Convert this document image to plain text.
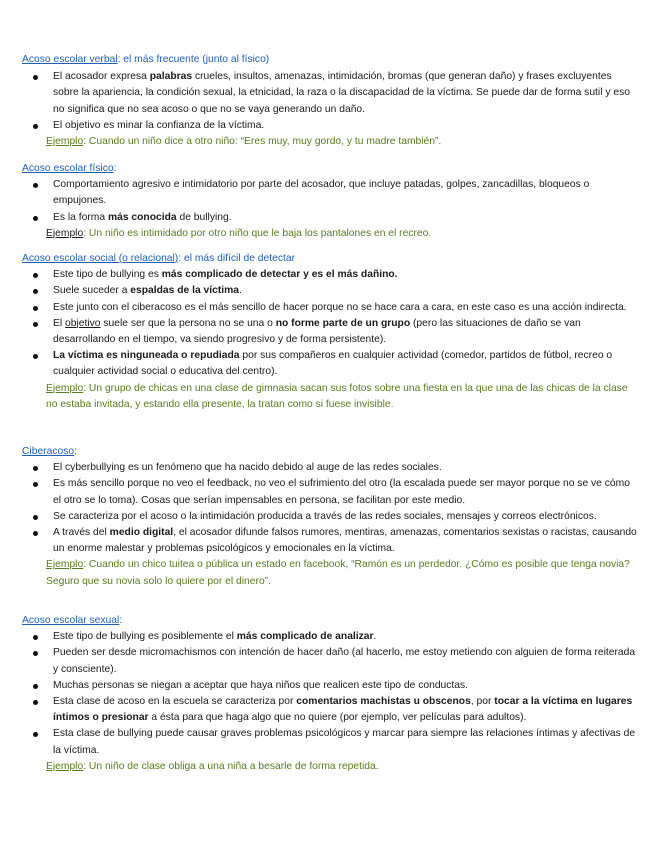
Acoso escolar verbal: el más frecuente (junto al físico)

El acosador expresa palabras crueles, insultos, amenazas, intimidación, bromas (que generan daño) y frases excluyentes sobre la apariencia, la condición sexual, la etnicidad, la raza o la discapacidad de la víctima. Se puede dar de forma sutil y eso no significa que no sea acoso o que no se vaya generando un daño.
El objetivo es minar la confianza de la víctima.

Ejemplo: Cuando un niño dice a otro niño: “Eres muy, muy gordo, y tu madre también”.

Acoso escolar físico:

Comportamiento agresivo e intimidatorio por parte del acosador, que incluye patadas, golpes, zancadillas, bloqueos o empujones.
Es la forma más conocida de bullying.

Ejemplo: Un niño es intimidado por otro niño que le baja los pantalones en el recreo.

Acoso escolar social (o relacional): el más difícil de detectar

Este tipo de bullying es más complicado de detectar y es el más dañino.
Suele suceder a espaldas de la víctima.
Este junto con el ciberacoso es el más sencillo de hacer porque no se hace cara a cara, en este caso es una acción indirecta.
El objetivo suele ser que la persona no se una o no forme parte de un grupo (pero las situaciones de daño se van desarrollando en el tiempo, va siendo progresivo y de forma persistente).
La víctima es ninguneada o repudiada por sus compañeros en cualquier actividad (comedor, partidos de fútbol, recreo o cualquier actividad social o educativa del centro).

Ejemplo: Un grupo de chicas en una clase de gimnasia sacan sus fotos sobre una fiesta en la que una de las chicas de la clase no estaba invitada, y estando ella presente, la tratan como si fuese invisible.

Ciberacoso:

El cyberbullying es un fenómeno que ha nacido debido al auge de las redes sociales.
Es más sencillo porque no veo el feedback, no veo el sufrimiento del otro (la escalada puede ser mayor porque no se ve cómo el otro se lo toma). Cosas que serían impensables en persona, se facilitan por este medio.
Se caracteriza por el acoso o la intimidación producida a través de las redes sociales, mensajes y correos electrónicos.
A través del medio digital, el acosador difunde falsos rumores, mentiras, amenazas, comentarios sexistas o racistas, causando un enorme malestar y problemas psicológicos y emocionales en la víctima.

Ejemplo: Cuando un chico tuitea o pública un estado en facebook, “Ramón es un perdedor. ¿Cómo es posible que tenga novia? Seguro que su novia solo lo quiere por el dinero”.

Acoso escolar sexual:

Este tipo de bullying es posiblemente el más complicado de analizar.
Pueden ser desde micromachismos con intención de hacer daño (al hacerlo, me estoy metiendo con alguien de forma reiterada y consciente).
Muchas personas se niegan a aceptar que haya niños que realicen este tipo de conductas.
Esta clase de acoso en la escuela se caracteriza por comentarios machistas u obscenos, por tocar a la víctima en lugares íntimos o presionar a ésta para que haga algo que no quiere (por ejemplo, ver películas para adultos).
Esta clase de bullying puede causar graves problemas psicológicos y marcar para siempre las relaciones íntimas y afectivas de la víctima.

Ejemplo: Un niño de clase obliga a una niña a besarle de forma repetida.
